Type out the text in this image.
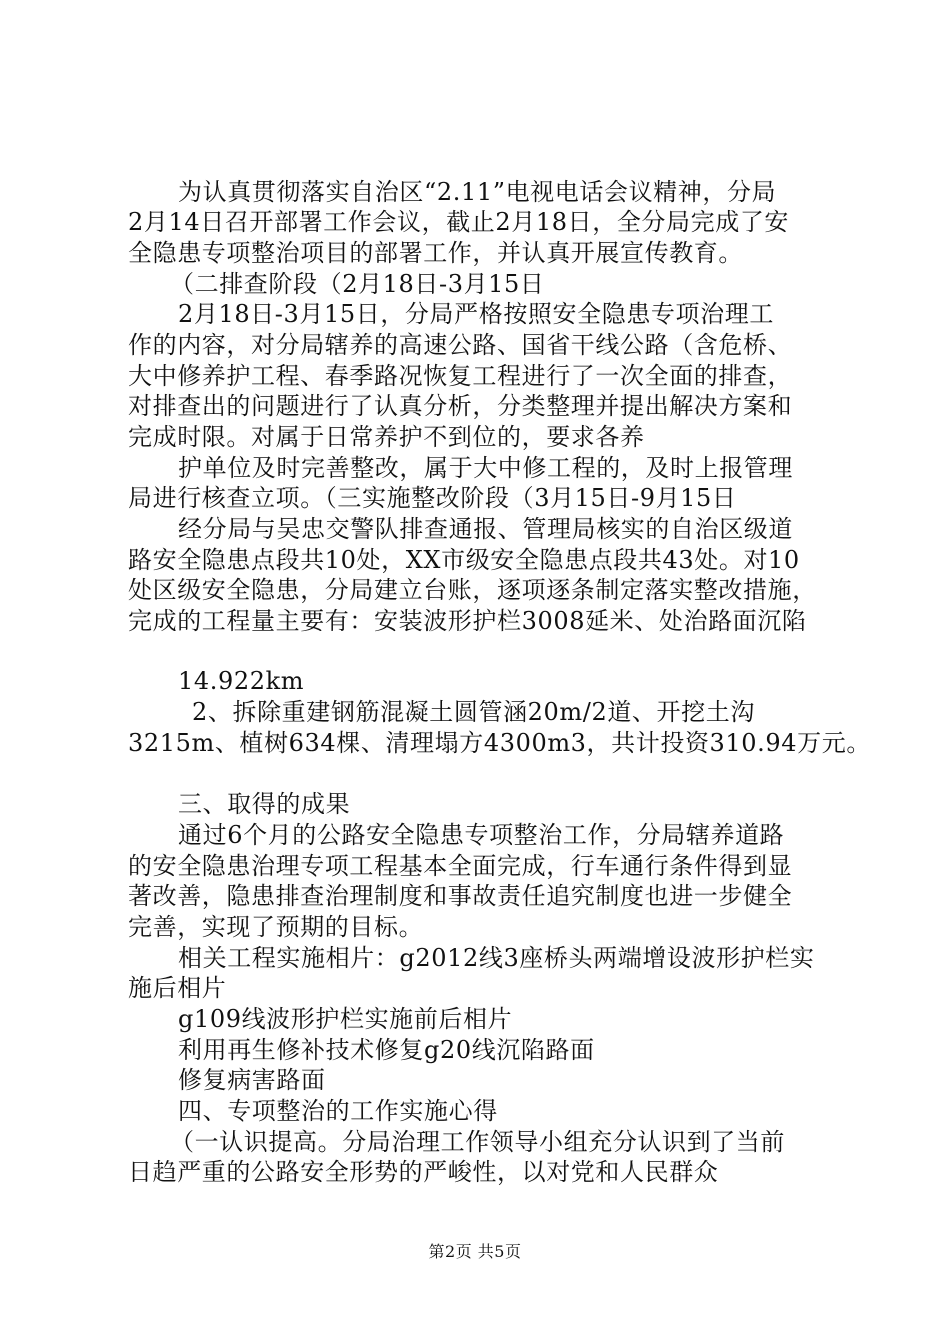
为认真贯彻落实自治区“2.11”电视电话会议精神，分局
2月14日召开部署工作会议，截止2月18日，全分局完成了安
全隐患专项整治项目的部署工作，并认真开展宣传教育。
（二排查阶段（2月18日-3月15日
2月18日-3月15日，分局严格按照安全隐患专项治理工
作的内容，对分局辖养的高速公路、国省干线公路（含危桥、
大中修养护工程、春季路况恢复工程进行了一次全面的排查，
对排查出的问题进行了认真分析，分类整理并提出解决方案和
完成时限。对属于日常养护不到位的，要求各养
护单位及时完善整改，属于大中修工程的，及时上报管理
局进行核查立项。（三实施整改阶段（3月15日-9月15日
经分局与吴忠交警队排查通报、管理局核实的自治区级道
路安全隐患点段共10处，XX市级安全隐患点段共43处。对10
处区级安全隐患，分局建立台账，逐项逐条制定落实整改措施，
完成的工程量主要有：安装波形护栏3008延米、处治路面沉陷
14.922km
2、拆除重建钢筋混凝土圆管涵20m/2道、开挖土沟
3215m、植树634棵、清理塌方4300m3，共计投资310.94万元。
三、取得的成果
通过6个月的公路安全隐患专项整治工作，分局辖养道路
的安全隐患治理专项工程基本全面完成，行车通行条件得到显
著改善，隐患排查治理制度和事故责任追究制度也进一步健全
完善，实现了预期的目标。
相关工程实施相片：g2012线3座桥头两端增设波形护栏实
施后相片
g109线波形护栏实施前后相片
利用再生修补技术修复g20线沉陷路面
修复病害路面
四、专项整治的工作实施心得
（一认识提高。分局治理工作领导小组充分认识到了当前
日趋严重的公路安全形势的严峻性，以对党和人民群众
第2页 共5页
